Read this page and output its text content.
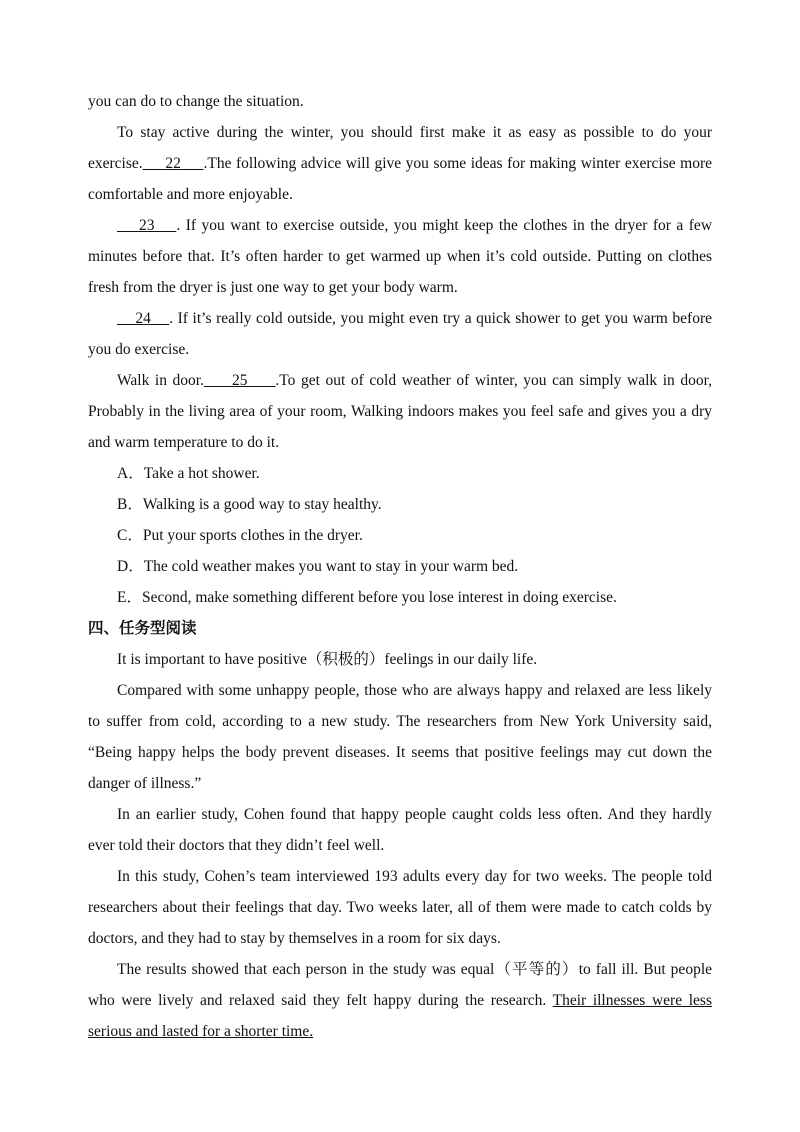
you can do to change the situation.

To stay active during the winter, you should first make it as easy as possible to do your exercise. 22 .The following advice will give you some ideas for making winter exercise more comfortable and more enjoyable.

23 . If you want to exercise outside, you might keep the clothes in the dryer for a few minutes before that. It’s often harder to get warmed up when it’s cold outside. Putting on clothes fresh from the dryer is just one way to get your body warm.

24 . If it’s really cold outside, you might even try a quick shower to get you warm before you do exercise.

Walk in door. 25 .To get out of cold weather of winter, you can simply walk in door, Probably in the living area of your room, Walking indoors makes you feel safe and gives you a dry and warm temperature to do it.

A．Take a hot shower.

B．Walking is a good way to stay healthy.

C．Put your sports clothes in the dryer.

D．The cold weather makes you want to stay in your warm bed.

E．Second, make something different before you lose interest in doing exercise.

四、任务型阅读

It is important to have positive（积极的）feelings in our daily life.

Compared with some unhappy people, those who are always happy and relaxed are less likely to suffer from cold, according to a new study. The researchers from New York University said, “Being happy helps the body prevent diseases. It seems that positive feelings may cut down the danger of illness.”

In an earlier study, Cohen found that happy people caught colds less often. And they hardly ever told their doctors that they didn’t feel well.

In this study, Cohen’s team interviewed 193 adults every day for two weeks. The people told researchers about their feelings that day. Two weeks later, all of them were made to catch colds by doctors, and they had to stay by themselves in a room for six days.

The results showed that each person in the study was equal（平等的）to fall ill. But people who were lively and relaxed said they felt happy during the research. Their illnesses were less serious and lasted for a shorter time.
